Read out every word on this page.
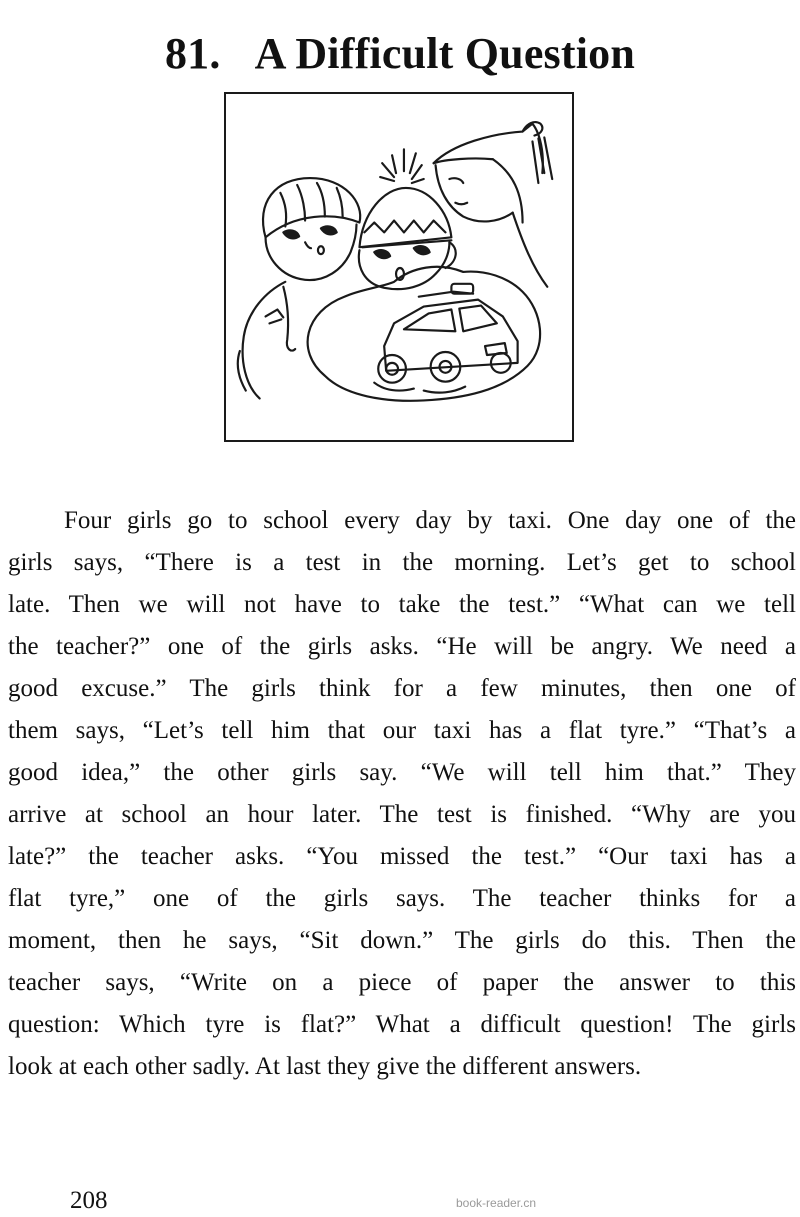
81. A Difficult Question
Four girls go to school every day by taxi. One day one of the
girls says, “There is a test in the morning. Let’s get to school
late. Then we will not have to take the test.” “What can we tell
the teacher?” one of the girls asks. “He will be angry. We need a
good excuse.” The girls think for a few minutes, then one of
them says, “Let’s tell him that our taxi has a flat tyre.” “That’s a
good idea,” the other girls say. “We will tell him that.” They
arrive at school an hour later. The test is finished. “Why are you
late?” the teacher asks. “You missed the test.” “Our taxi has a
flat tyre,” one of the girls says. The teacher thinks for a
moment, then he says, “Sit down.” The girls do this. Then the
teacher says, “Write on a piece of paper the answer to this
question: Which tyre is flat?” What a difficult question! The girls
look at each other sadly. At last they give the different answers.
208	book-reader.cn
